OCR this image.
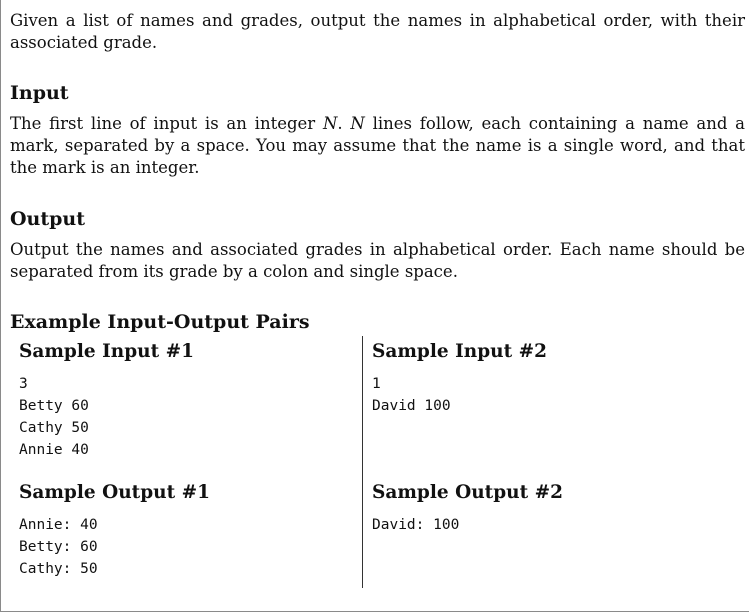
Given a list of names and grades, output the names in alphabetical order, with their associated grade.

Input

The first line of input is an integer N. N lines follow, each containing a name and a mark, separated by a space. You may assume that the name is a single word, and that the mark is an integer.

Output

Output the names and associated grades in alphabetical order. Each name should be separated from its grade by a colon and single space.

Example Input-Output Pairs
Sample Input #1
3
Betty 60
Cathy 50
Annie 40
Sample Output #1
Annie: 40
Betty: 60
Cathy: 50
Sample Input #2
1
David 100
Sample Output #2
David: 100
